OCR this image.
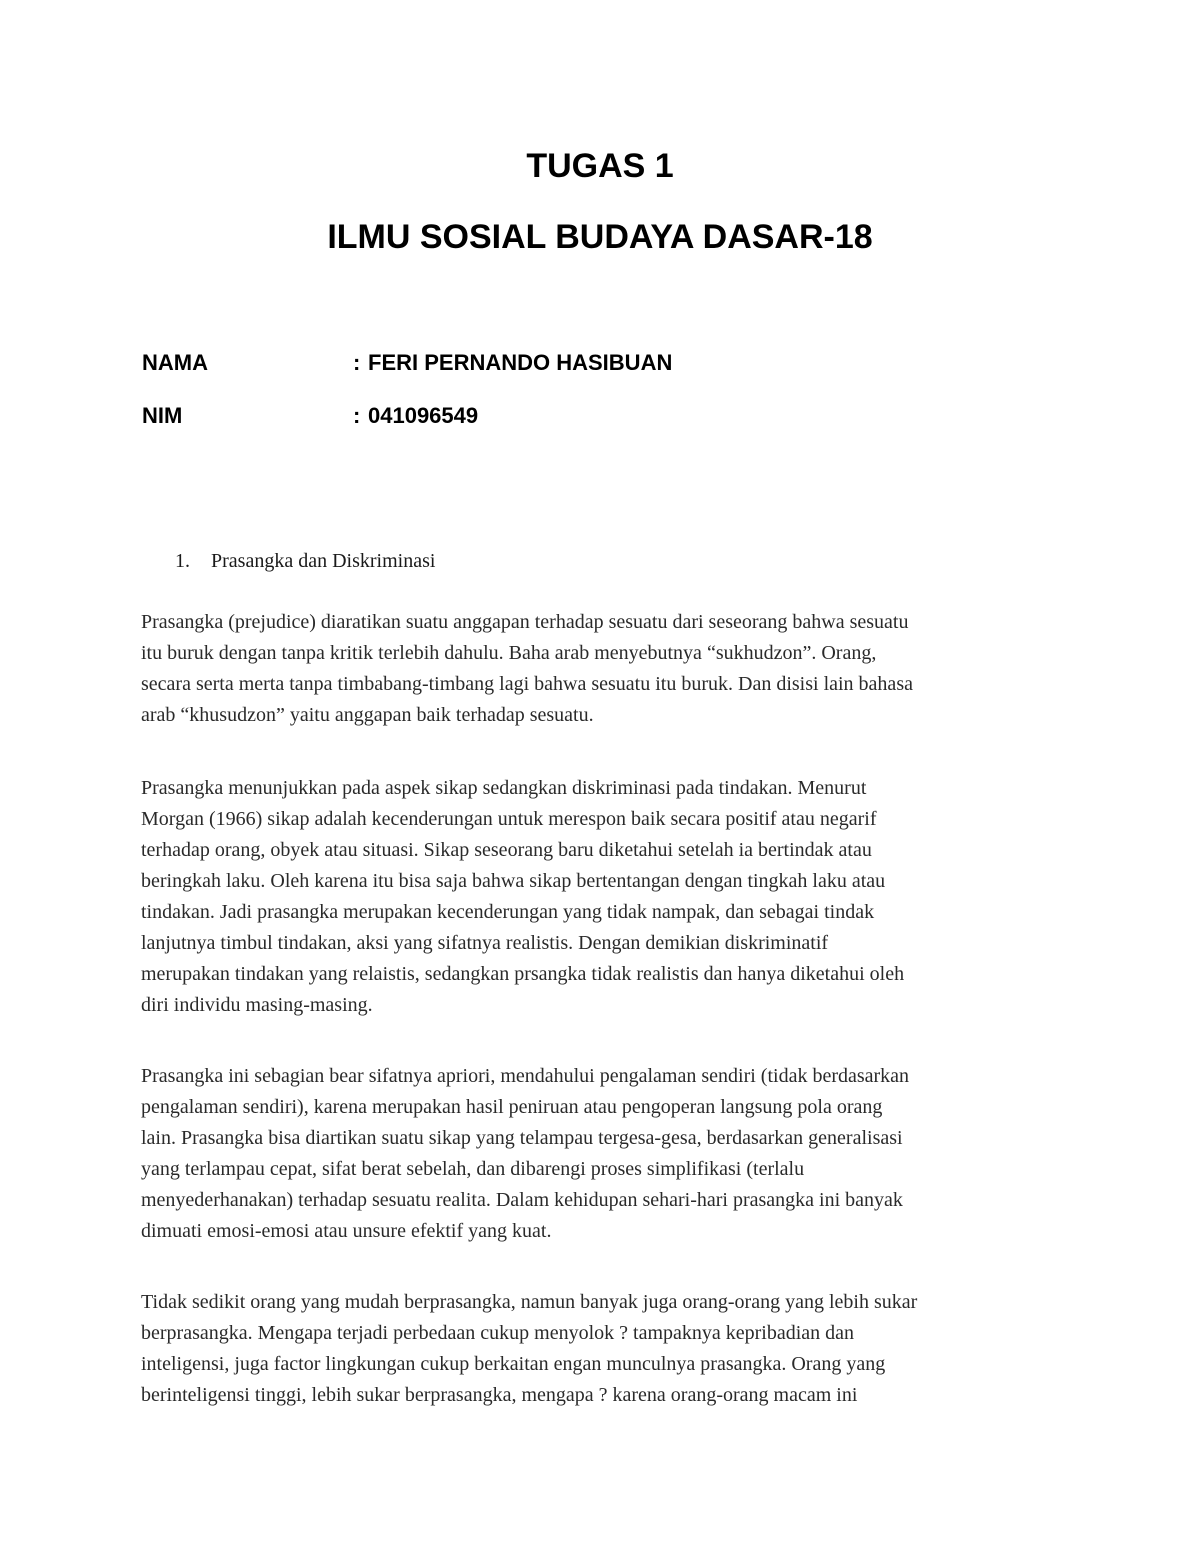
TUGAS 1
ILMU SOSIAL BUDAYA DASAR-18
NAMA	: FERI PERNANDO HASIBUAN
NIM	: 041096549
1. Prasangka dan Diskriminasi

Prasangka (prejudice) diaratikan suatu anggapan terhadap sesuatu dari seseorang bahwa sesuatu
itu buruk dengan tanpa kritik terlebih dahulu. Baha arab menyebutnya “sukhudzon”. Orang,
secara serta merta tanpa timbabang-timbang lagi bahwa sesuatu itu buruk. Dan disisi lain bahasa
arab “khusudzon” yaitu anggapan baik terhadap sesuatu.

Prasangka menunjukkan pada aspek sikap sedangkan diskriminasi pada tindakan. Menurut
Morgan (1966) sikap adalah kecenderungan untuk merespon baik secara positif atau negarif
terhadap orang, obyek atau situasi. Sikap seseorang baru diketahui setelah ia bertindak atau
beringkah laku. Oleh karena itu bisa saja bahwa sikap bertentangan dengan tingkah laku atau
tindakan. Jadi prasangka merupakan kecenderungan yang tidak nampak, dan sebagai tindak
lanjutnya timbul tindakan, aksi yang sifatnya realistis. Dengan demikian diskriminatif
merupakan tindakan yang relaistis, sedangkan prsangka tidak realistis dan hanya diketahui oleh
diri individu masing-masing.

Prasangka ini sebagian bear sifatnya apriori, mendahului pengalaman sendiri (tidak berdasarkan
pengalaman sendiri), karena merupakan hasil peniruan atau pengoperan langsung pola orang
lain. Prasangka bisa diartikan suatu sikap yang telampau tergesa-gesa, berdasarkan generalisasi
yang terlampau cepat, sifat berat sebelah, dan dibarengi proses simplifikasi (terlalu
menyederhanakan) terhadap sesuatu realita. Dalam kehidupan sehari-hari prasangka ini banyak
dimuati emosi-emosi atau unsure efektif yang kuat.

Tidak sedikit orang yang mudah berprasangka, namun banyak juga orang-orang yang lebih sukar
berprasangka. Mengapa terjadi perbedaan cukup menyolok ? tampaknya kepribadian dan
inteligensi, juga factor lingkungan cukup berkaitan engan munculnya prasangka. Orang yang
berinteligensi tinggi, lebih sukar berprasangka, mengapa ? karena orang-orang macam ini
